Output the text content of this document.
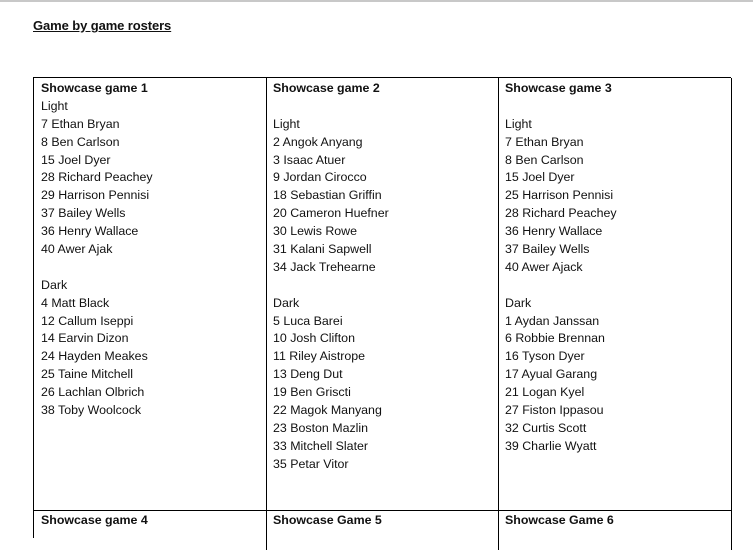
Game by game rosters
Showcase game 1
Light
7 Ethan Bryan
8 Ben Carlson
15 Joel Dyer
28 Richard Peachey
29 Harrison Pennisi
37 Bailey Wells
36 Henry Wallace
40 Awer Ajak
Dark
4 Matt Black
12 Callum Iseppi
14 Earvin Dizon
24 Hayden Meakes
25 Taine Mitchell
26 Lachlan Olbrich
38 Toby Woolcock
Showcase game 2
Light
2 Angok Anyang
3 Isaac Atuer
9 Jordan Cirocco
18 Sebastian Griffin
20 Cameron Huefner
30 Lewis Rowe
31 Kalani Sapwell
34 Jack Trehearne
Dark
5 Luca Barei
10 Josh Clifton
11 Riley Aistrope
13 Deng Dut
19 Ben Griscti
22 Magok Manyang
23 Boston Mazlin
33 Mitchell Slater
35 Petar Vitor
Showcase game 3
Light
7 Ethan Bryan
8 Ben Carlson
15 Joel Dyer
25 Harrison Pennisi
28 Richard Peachey
36 Henry Wallace
37 Bailey Wells
40 Awer Ajack
Dark
1 Aydan Janssan
6 Robbie Brennan
16 Tyson Dyer
17 Ayual Garang
21 Logan Kyel
27 Fiston Ippasou
32 Curtis Scott
39 Charlie Wyatt
Showcase game 4	Showcase Game 5	Showcase Game 6
